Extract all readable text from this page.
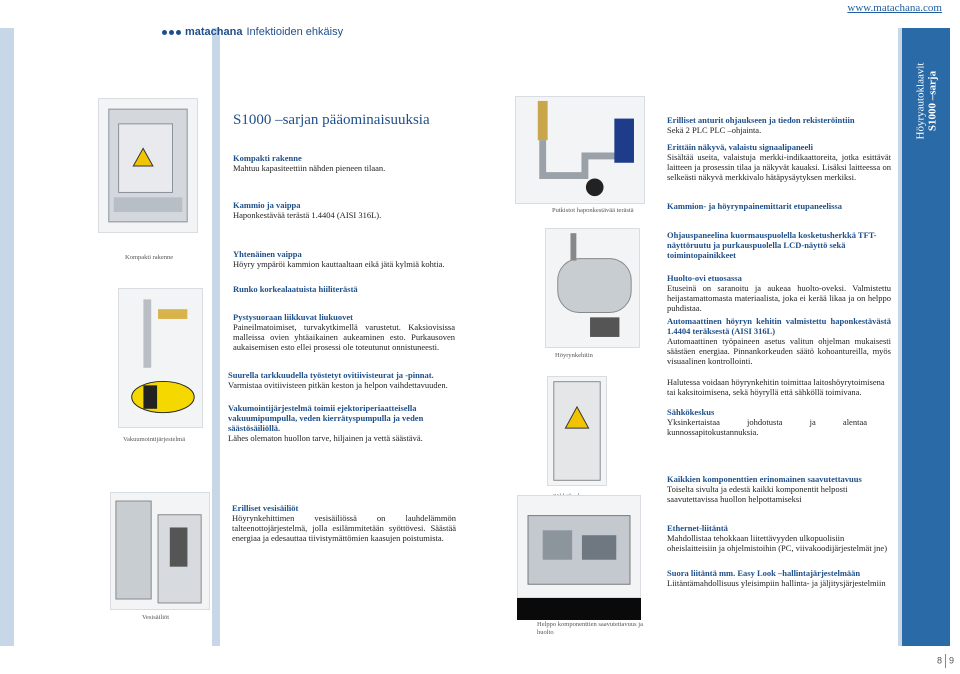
www.matachana.com
Höyryautoklaavit S1000 –sarja
matachana Infektioiden ehkäisy
S1000 –sarjan pääominaisuuksia
Kompakti rakenne
Vakuumointijärjestelmä
Vesisäiliöt
Putkistot haponkestävää terästä
Höyrynkehitin
Helppo komponenttien saavutettavuus ja huolto
Kompakti rakenne
Mahtuu kapasiteettiin nähden pieneen tilaan.
Kammio ja vaippa
Haponkestävää terästä 1.4404 (AISI 316L).
Yhtenäinen vaippa
Höyry ympäröi kammion kauttaaltaan eikä jätä kylmiä kohtia.
Runko korkealaatuista hiiliterästä
Pystysuoraan liikkuvat liukuovet
Paineilmatoimiset, turvakytkimellä varustetut. Kaksiovisissa malleissa ovien yhtäaikainen aukeaminen esto. Purkausoven aukaisemisen esto ellei prosessi ole toteutunut onnistuneesti.
Suurella tarkkuudella työstetyt ovitiivisteurat ja -pinnat.
Varmistaa ovitiivisteen pitkän keston ja helpon vaihdettavuuden.
Vakumointijärjestelmä toimii ejektoriperiaatteisella vakuumipumpulla, veden kierrätyspumpulla ja veden säästösäiliöllä.
Lähes olematon huollon tarve, hiljainen ja vettä säästävä.
Erilliset vesisäiliöt
Höyrynkehittimen vesisäiliössä on lauhdelämmön talteenottojärjestelmä, jolla esilämmitetään syöttövesi. Säästää energiaa ja edesauttaa tiivistymättömien kaasujen poistumista.
Erilliset anturit ohjaukseen ja tiedon rekisteröintiin
Sekä 2 PLC PLC –ohjainta.
Erittäin näkyvä, valaistu signaalipaneeli
Sisältää useita, valaistuja merkki-indikaattoreita, jotka esittävät laitteen ja prosessin tilaa ja näkyvät kauaksi. Lisäksi laitteessa on selkeästi näkyvä merkkivalo hätäpysäytyksen merkiksi.
Kammion- ja höyrynpainemittarit etupaneelissa
Ohjauspaneelina kuormauspuolella kosketusherkkä TFT-näyttöruutu ja purkauspuolella LCD-näyttö sekä toimintopainikkeet
Huolto-ovi etuosassa
Etuseinä on saranoitu ja aukeaa huolto-oveksi. Valmistettu heijastamattomasta materiaalista, joka ei kerää likaa ja on helppo puhdistaa.
Automaattinen höyryn kehitin valmistettu haponkestävästä 1.4404 teräksestä (AISI 316L)
Automaattinen työpaineen asetus valitun ohjelman mukaisesti säästäen energiaa. Pinnankorkeuden säätö kohoantureilla, myös visuaalinen kontrollointi.
Halutessa voidaan höyrynkehitin toimittaa laitoshöyrytoimisena tai kaksitoimisena, sekä höyryllä että sähköllä toimivana.
Sähkökeskus
Yksinkertaistaa johdotusta ja alentaa kunnossapitokustannuksia.
Kaikkien komponenttien erinomainen saavutettavuus
Toiselta sivulta ja edestä kaikki komponentit helposti saavutettavissa huollon helpottamiseksi
Ethernet-liitäntä
Mahdollistaa tehokkaan liitettävyyden ulkopuolisiin oheislaitteisiin ja ohjelmistoihin (PC, viivakoodijärjestelmät jne)
Suora liitäntä mm. Easy Look –hallintajärjestelmään
Liitäntämahdollisuus yleisimpiin hallinta- ja jäljitysjärjestelmiin
8 9
